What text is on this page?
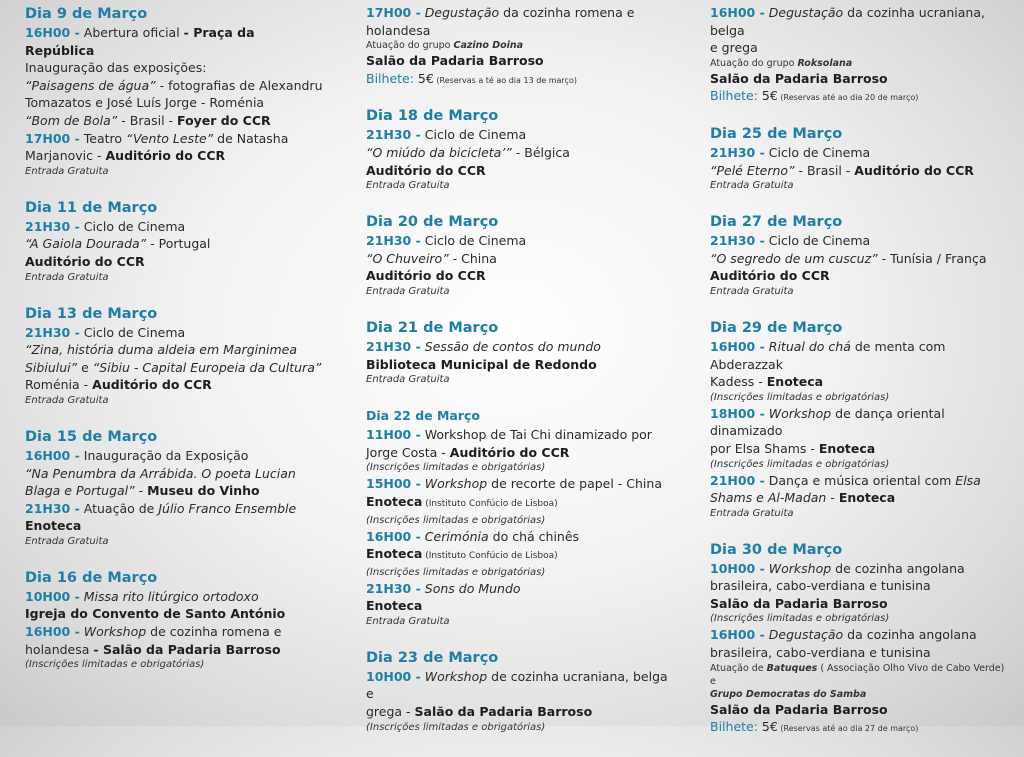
Dia 9 de Março
16H00 - Abertura oficial - Praça da República
Inauguração das exposições:
“Paisagens de água” - fotografias de Alexandru
Tomazatos e José Luís Jorge - Roménia
“Bom de Bola” - Brasil - Foyer do CCR
17H00 - Teatro “Vento Leste” de Natasha
Marjanovic - Auditório do CCR
Entrada Gratuita
Dia 11 de Março
21H30 - Ciclo de Cinema
“A Gaiola Dourada” - Portugal
Auditório do CCR
Entrada Gratuita
Dia 13 de Março
21H30 - Ciclo de Cinema
“Zina, história duma aldeia em Marginimea
Sibiului” e “Sibiu - Capital Europeia da Cultura”
Roménia - Auditório do CCR
Entrada Gratuita
Dia 15 de Março
16H00 - Inauguração da Exposição
“Na Penumbra da Arrábida. O poeta Lucian
Blaga e Portugal” - Museu do Vinho
21H30 - Atuação de Júlio Franco Ensemble
Enoteca
Entrada Gratuita
Dia 16 de Março
10H00 - Missa rito litúrgico ortodoxo
Igreja do Convento de Santo António
16H00 - Workshop de cozinha romena e
holandesa - Salão da Padaria Barroso
(Inscrições limitadas e obrigatórias)
17H00 - Degustação da cozinha romena e
holandesa
Atuação do grupo Cazino Doina
Salão da Padaria Barroso
Bilhete: 5€ (Reservas a té ao dia 13 de março)
Dia 18 de Março
21H30 - Ciclo de Cinema
“O miúdo da bicicleta’” - Bélgica
Auditório do CCR
Entrada Gratuita
Dia 20 de Março
21H30 - Ciclo de Cinema
“O Chuveiro” - China
Auditório do CCR
Entrada Gratuita
Dia 21 de Março
21H30 - Sessão de contos do mundo
Biblioteca Municipal de Redondo
Entrada Gratuita
Dia 22 de Março
11H00 - Workshop de Tai Chi dinamizado por
Jorge Costa - Auditório do CCR
(Inscrições limitadas e obrigatórias)
15H00 - Workshop de recorte de papel - China
Enoteca (Instituto Confúcio de Lisboa)
(Inscrições limitadas e obrigatórias)
16H00 - Cerimónia do chá chinês
Enoteca (Instituto Confúcio de Lisboa)
(Inscrições limitadas e obrigatórias)
21H30 - Sons do Mundo
Enoteca
Entrada Gratuita
Dia 23 de Março
10H00 - Workshop de cozinha ucraniana, belga e
grega - Salão da Padaria Barroso
(Inscrições limitadas e obrigatórias)
16H00 - Degustação da cozinha ucraniana, belga
e grega
Atuação do grupo Roksolana
Salão da Padaria Barroso
Bilhete: 5€ (Reservas até ao dia 20 de março)
Dia 25 de Março
21H30 - Ciclo de Cinema
“Pelé Eterno” - Brasil - Auditório do CCR
Entrada Gratuita
Dia 27 de Março
21H30 - Ciclo de Cinema
“O segredo de um cuscuz” - Tunísia / França
Auditório do CCR
Entrada Gratuita
Dia 29 de Março
16H00 - Ritual do chá de menta com Abderazzak
Kadess - Enoteca
(Inscrições limitadas e obrigatórias)
18H00 - Workshop de dança oriental dinamizado
por Elsa Shams - Enoteca
(Inscrições limitadas e obrigatórias)
21H00 - Dança e música oriental com Elsa
Shams e Al-Madan - Enoteca
Entrada Gratuita
Dia 30 de Março
10H00 - Workshop de cozinha angolana
brasileira, cabo-verdiana e tunisina
Salão da Padaria Barroso
(Inscrições limitadas e obrigatórias)
16H00 - Degustação da cozinha angolana
brasileira, cabo-verdiana e tunisina
Atuação de Batuques ( Associação Olho Vivo de Cabo Verde) e
Grupo Democratas do Samba
Salão da Padaria Barroso
Bilhete: 5€ (Reservas até ao dia 27 de março)
